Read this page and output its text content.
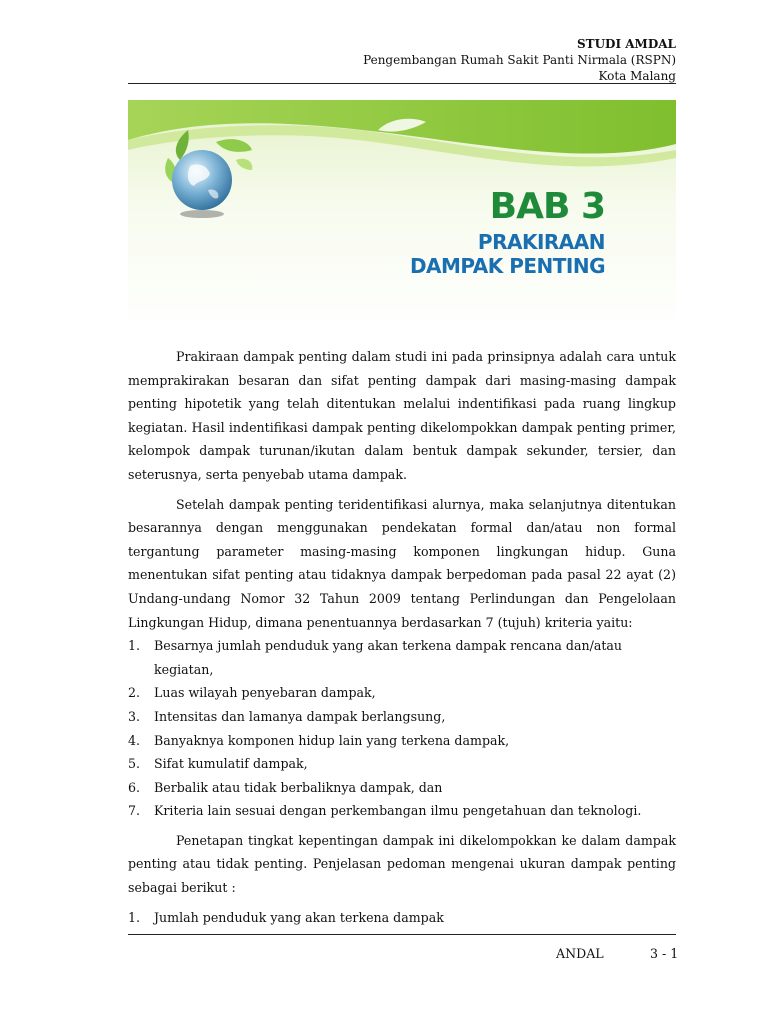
STUDI AMDAL
Pengembangan Rumah Sakit Panti Nirmala (RSPN)
Kota Malang
BAB 3
PRAKIRAAN
DAMPAK PENTING

Prakiraan dampak penting dalam studi ini pada prinsipnya adalah cara untuk memprakirakan besaran dan sifat penting dampak dari masing-masing dampak penting hipotetik yang telah ditentukan melalui indentifikasi pada ruang lingkup kegiatan. Hasil indentifikasi dampak penting dikelompokkan dampak penting primer, kelompok dampak turunan/ikutan dalam bentuk dampak sekunder, tersier, dan seterusnya, serta penyebab utama dampak.

Setelah dampak penting teridentifikasi alurnya, maka selanjutnya ditentukan besarannya dengan menggunakan pendekatan formal dan/atau non formal tergantung parameter masing-masing komponen lingkungan hidup. Guna menentukan sifat penting atau tidaknya dampak berpedoman pada pasal 22 ayat (2) Undang-undang Nomor 32 Tahun 2009 tentang Perlindungan dan Pengelolaan Lingkungan Hidup, dimana penentuannya berdasarkan 7 (tujuh) kriteria yaitu:

1.	Besarnya jumlah penduduk yang akan terkena dampak rencana dan/atau kegiatan,
2.	Luas wilayah penyebaran dampak,
3.	Intensitas dan lamanya dampak berlangsung,
4.	Banyaknya komponen hidup lain yang terkena dampak,
5.	Sifat kumulatif dampak,
6.	Berbalik atau tidak berbaliknya dampak, dan
7.	Kriteria lain sesuai dengan perkembangan ilmu pengetahuan dan teknologi.

Penetapan tingkat kepentingan dampak ini dikelompokkan ke dalam dampak penting atau tidak penting. Penjelasan pedoman mengenai ukuran dampak penting sebagai berikut :

1.	Jumlah penduduk yang akan terkena dampak
ANDAL	3 - 1
